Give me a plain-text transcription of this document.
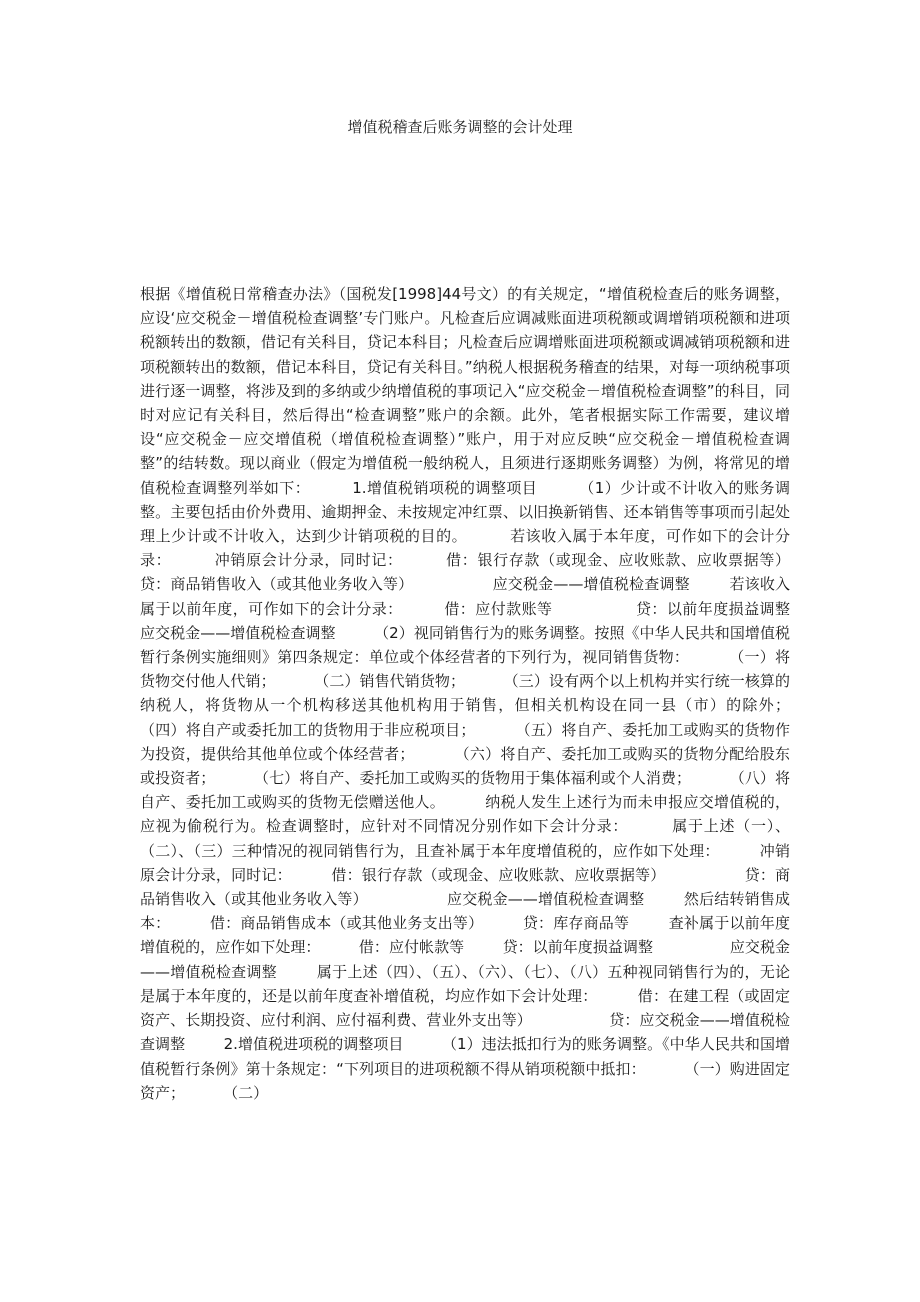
增值税稽查后账务调整的会计处理

根据《增值税日常稽查办法》（国税发[1998]44号文）的有关规定，“增值税检查后的账务调整，应设‘应交税金－增值税检查调整’专门账户。凡检查后应调减账面进项税额或调增销项税额和进项税额转出的数额，借记有关科目，贷记本科目；凡检查后应调增账面进项税额或调减销项税额和进项税额转出的数额，借记本科目，贷记有关科目。”纳税人根据税务稽查的结果，对每一项纳税事项进行逐一调整，将涉及到的多纳或少纳增值税的事项记入“应交税金－增值税检查调整”的科目，同时对应记有关科目，然后得出“检查调整”账户的余额。此外，笔者根据实际工作需要，建议增设“应交税金－应交增值税（增值税检查调整）”账户，用于对应反映“应交税金－增值税检查调整”的结转数。现以商业（假定为增值税一般纳税人，且须进行逐期账务调整）为例，将常见的增值税检查调整列举如下：        1.增值税销项税的调整项目        （1）少计或不计收入的账务调整。主要包括由价外费用、逾期押金、未按规定冲红票、以旧换新销售、还本销售等事项而引起处理上少计或不计收入，达到少计销项税的目的。        若该收入属于本年度，可作如下的会计分录：        冲销原会计分录，同时记：        借：银行存款（或现金、应收账款、应收票据等）                贷：商品销售收入（或其他业务收入等）                应交税金——增值税检查调整        若该收入属于以前年度，可作如下的会计分录：        借：应付款账等                贷：以前年度损益调整                应交税金——增值税检查调整        （2）视同销售行为的账务调整。按照《中华人民共和国增值税暂行条例实施细则》第四条规定：单位或个体经营者的下列行为，视同销售货物：        （一）将货物交付他人代销；        （二）销售代销货物；        （三）设有两个以上机构并实行统一核算的纳税人，将货物从一个机构移送其他机构用于销售，但相关机构设在同一县（市）的除外；        （四）将自产或委托加工的货物用于非应税项目；        （五）将自产、委托加工或购买的货物作为投资，提供给其他单位或个体经营者；        （六）将自产、委托加工或购买的货物分配给股东或投资者；        （七）将自产、委托加工或购买的货物用于集体福利或个人消费；        （八）将自产、委托加工或购买的货物无偿赠送他人。        纳税人发生上述行为而未申报应交增值税的，应视为偷税行为。检查调整时，应针对不同情况分别作如下会计分录：        属于上述（一）、（二）、（三）三种情况的视同销售行为，且查补属于本年度增值税的，应作如下处理：        冲销原会计分录，同时记：        借：银行存款（或现金、应收账款、应收票据等）                贷：商品销售收入（或其他业务收入等）                应交税金——增值税检查调整        然后结转销售成本：        借：商品销售成本（或其他业务支出等）        贷：库存商品等        查补属于以前年度增值税的，应作如下处理：        借：应付帐款等        贷：以前年度损益调整                应交税金——增值税检查调整        属于上述（四）、（五）、（六）、（七）、（八）五种视同销售行为的，无论是属于本年度的，还是以前年度查补增值税，均应作如下会计处理：        借：在建工程（或固定资产、长期投资、应付利润、应付福利费、营业外支出等）                贷：应交税金——增值税检查调整        2.增值税进项税的调整项目        （1）违法抵扣行为的账务调整。《中华人民共和国增值税暂行条例》第十条规定：“下列项目的进项税额不得从销项税额中抵扣：        （一）购进固定资产；        （二）
